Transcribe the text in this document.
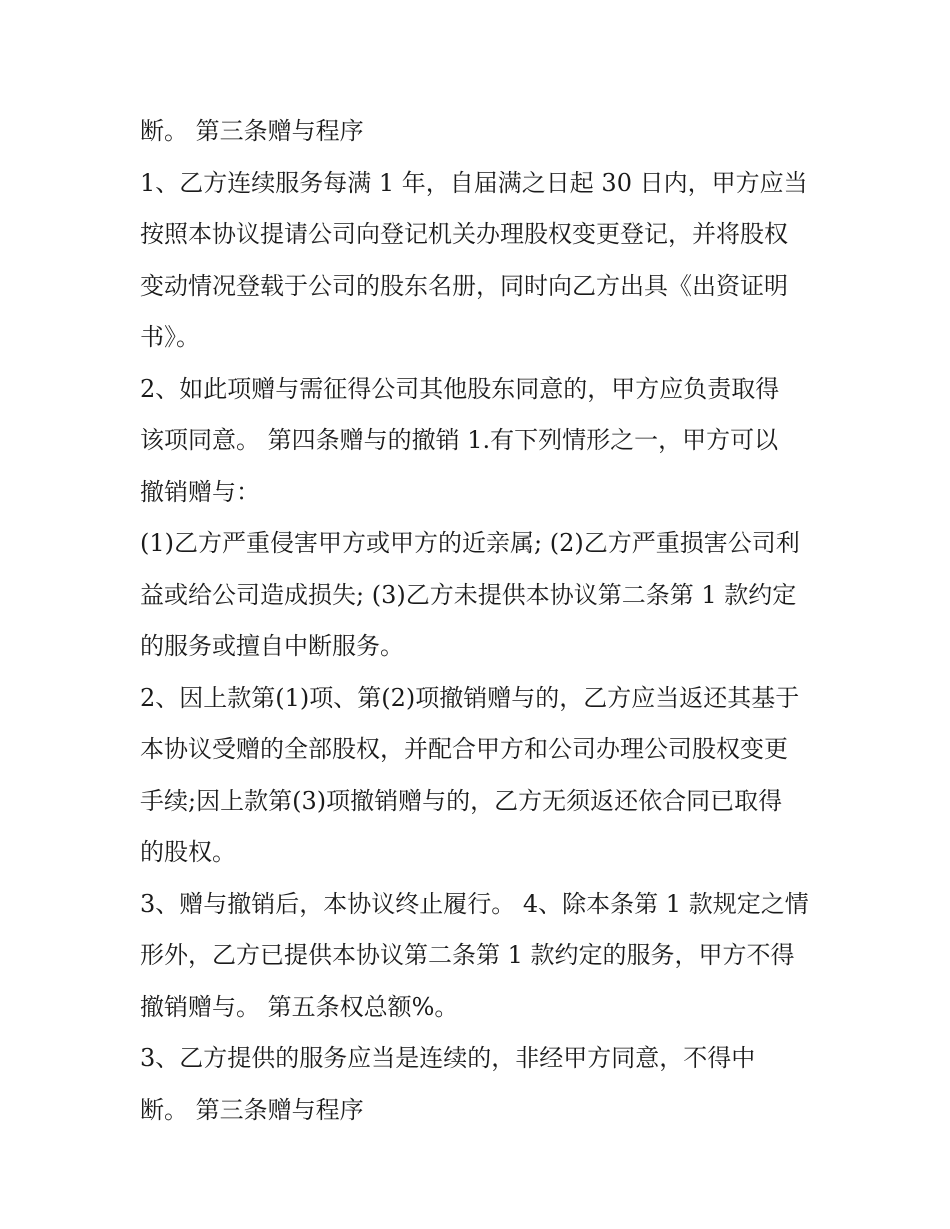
断。 第三条赠与程序
1、乙方连续服务每满 1 年，自届满之日起 30 日内，甲方应当
按照本协议提请公司向登记机关办理股权变更登记，并将股权
变动情况登载于公司的股东名册，同时向乙方出具《出资证明
书》。
2、如此项赠与需征得公司其他股东同意的，甲方应负责取得
该项同意。 第四条赠与的撤销 1.有下列情形之一，甲方可以
撤销赠与：
(1)乙方严重侵害甲方或甲方的近亲属; (2)乙方严重损害公司利
益或给公司造成损失; (3)乙方未提供本协议第二条第 1 款约定
的服务或擅自中断服务。
2、因上款第(1)项、第(2)项撤销赠与的，乙方应当返还其基于
本协议受赠的全部股权，并配合甲方和公司办理公司股权变更
手续;因上款第(3)项撤销赠与的，乙方无须返还依合同已取得
的股权。
3、赠与撤销后，本协议终止履行。 4、除本条第 1 款规定之情
形外，乙方已提供本协议第二条第 1 款约定的服务，甲方不得
撤销赠与。 第五条权总额%。
3、乙方提供的服务应当是连续的，非经甲方同意，不得中
断。 第三条赠与程序
